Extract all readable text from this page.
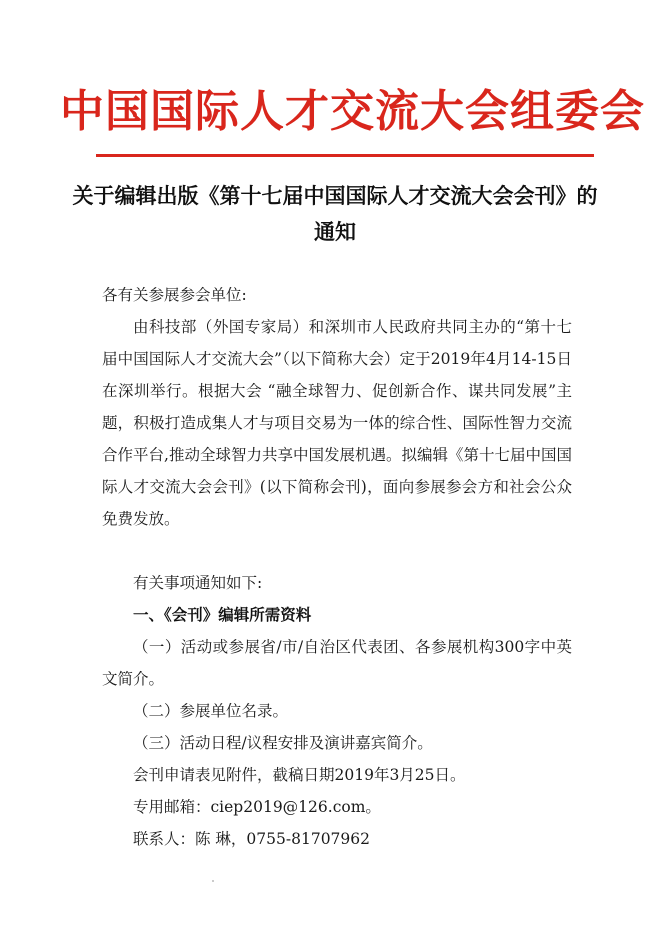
中国国际人才交流大会组委会
关于编辑出版《第十七届中国国际人才交流大会会刊》的通知
各有关参展参会单位:
由科技部（外国专家局）和深圳市人民政府共同主办的“第十七届中国国际人才交流大会”（以下简称大会）定于2019年4月14-15日在深圳举行。根据大会 “融全球智力、促创新合作、谋共同发展”主题，积极打造成集人才与项目交易为一体的综合性、国际性智力交流合作平台,推动全球智力共享中国发展机遇。拟编辑《第十七届中国国际人才交流大会会刊》(以下简称会刊)，面向参展参会方和社会公众免费发放。
有关事项通知如下:
一、《会刊》编辑所需资料
（一）活动或参展省/市/自治区代表团、各参展机构300字中英文简介。
（二）参展单位名录。
（三）活动日程/议程安排及演讲嘉宾简介。
会刊申请表见附件，截稿日期2019年3月25日。
专用邮箱：ciep2019@126.com。
联系人：陈 琳，0755-81707962
